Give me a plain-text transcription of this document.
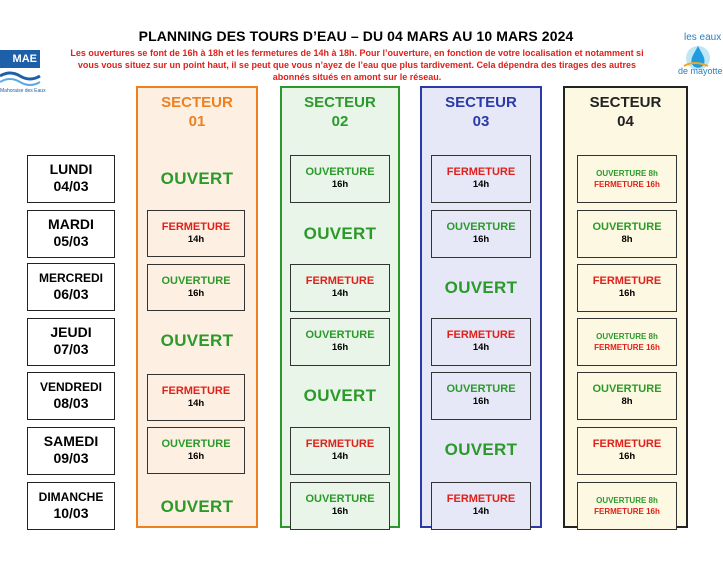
MAE
Mahoraise des Eaux
les eaux
de mayotte
PLANNING DES TOURS D’EAU – DU 04 MARS AU 10 MARS 2024
Les ouvertures se font de 16h à 18h et les fermetures de 14h à 18h. Pour l’ouverture, en fonction de votre localisation et notamment si vous vous situez sur un point haut, il se peut que vous n’ayez de l’eau que plus tardivement. Cela dépendra des tirages des autres abonnés situés en amont sur le réseau.
SECTEUR
01
SECTEUR
02
SECTEUR
03
SECTEUR
04
LUNDI
04/03
MARDI
05/03
MERCREDI
06/03
JEUDI
07/03
VENDREDI
08/03
SAMEDI
09/03
DIMANCHE
10/03
OUVERT
FERMETURE
14h
OUVERTURE
16h
OUVERT
FERMETURE
14h
OUVERTURE
16h
OUVERT
OUVERTURE
16h
OUVERT
FERMETURE
14h
OUVERTURE
16h
OUVERT
FERMETURE
14h
OUVERTURE
16h
FERMETURE
14h
OUVERTURE
16h
OUVERT
FERMETURE
14h
OUVERTURE
16h
OUVERT
FERMETURE
14h
OUVERTURE 8h
FERMETURE 16h
OUVERTURE
8h
FERMETURE
16h
OUVERTURE 8h
FERMETURE 16h
OUVERTURE
8h
FERMETURE
16h
OUVERTURE 8h
FERMETURE 16h
